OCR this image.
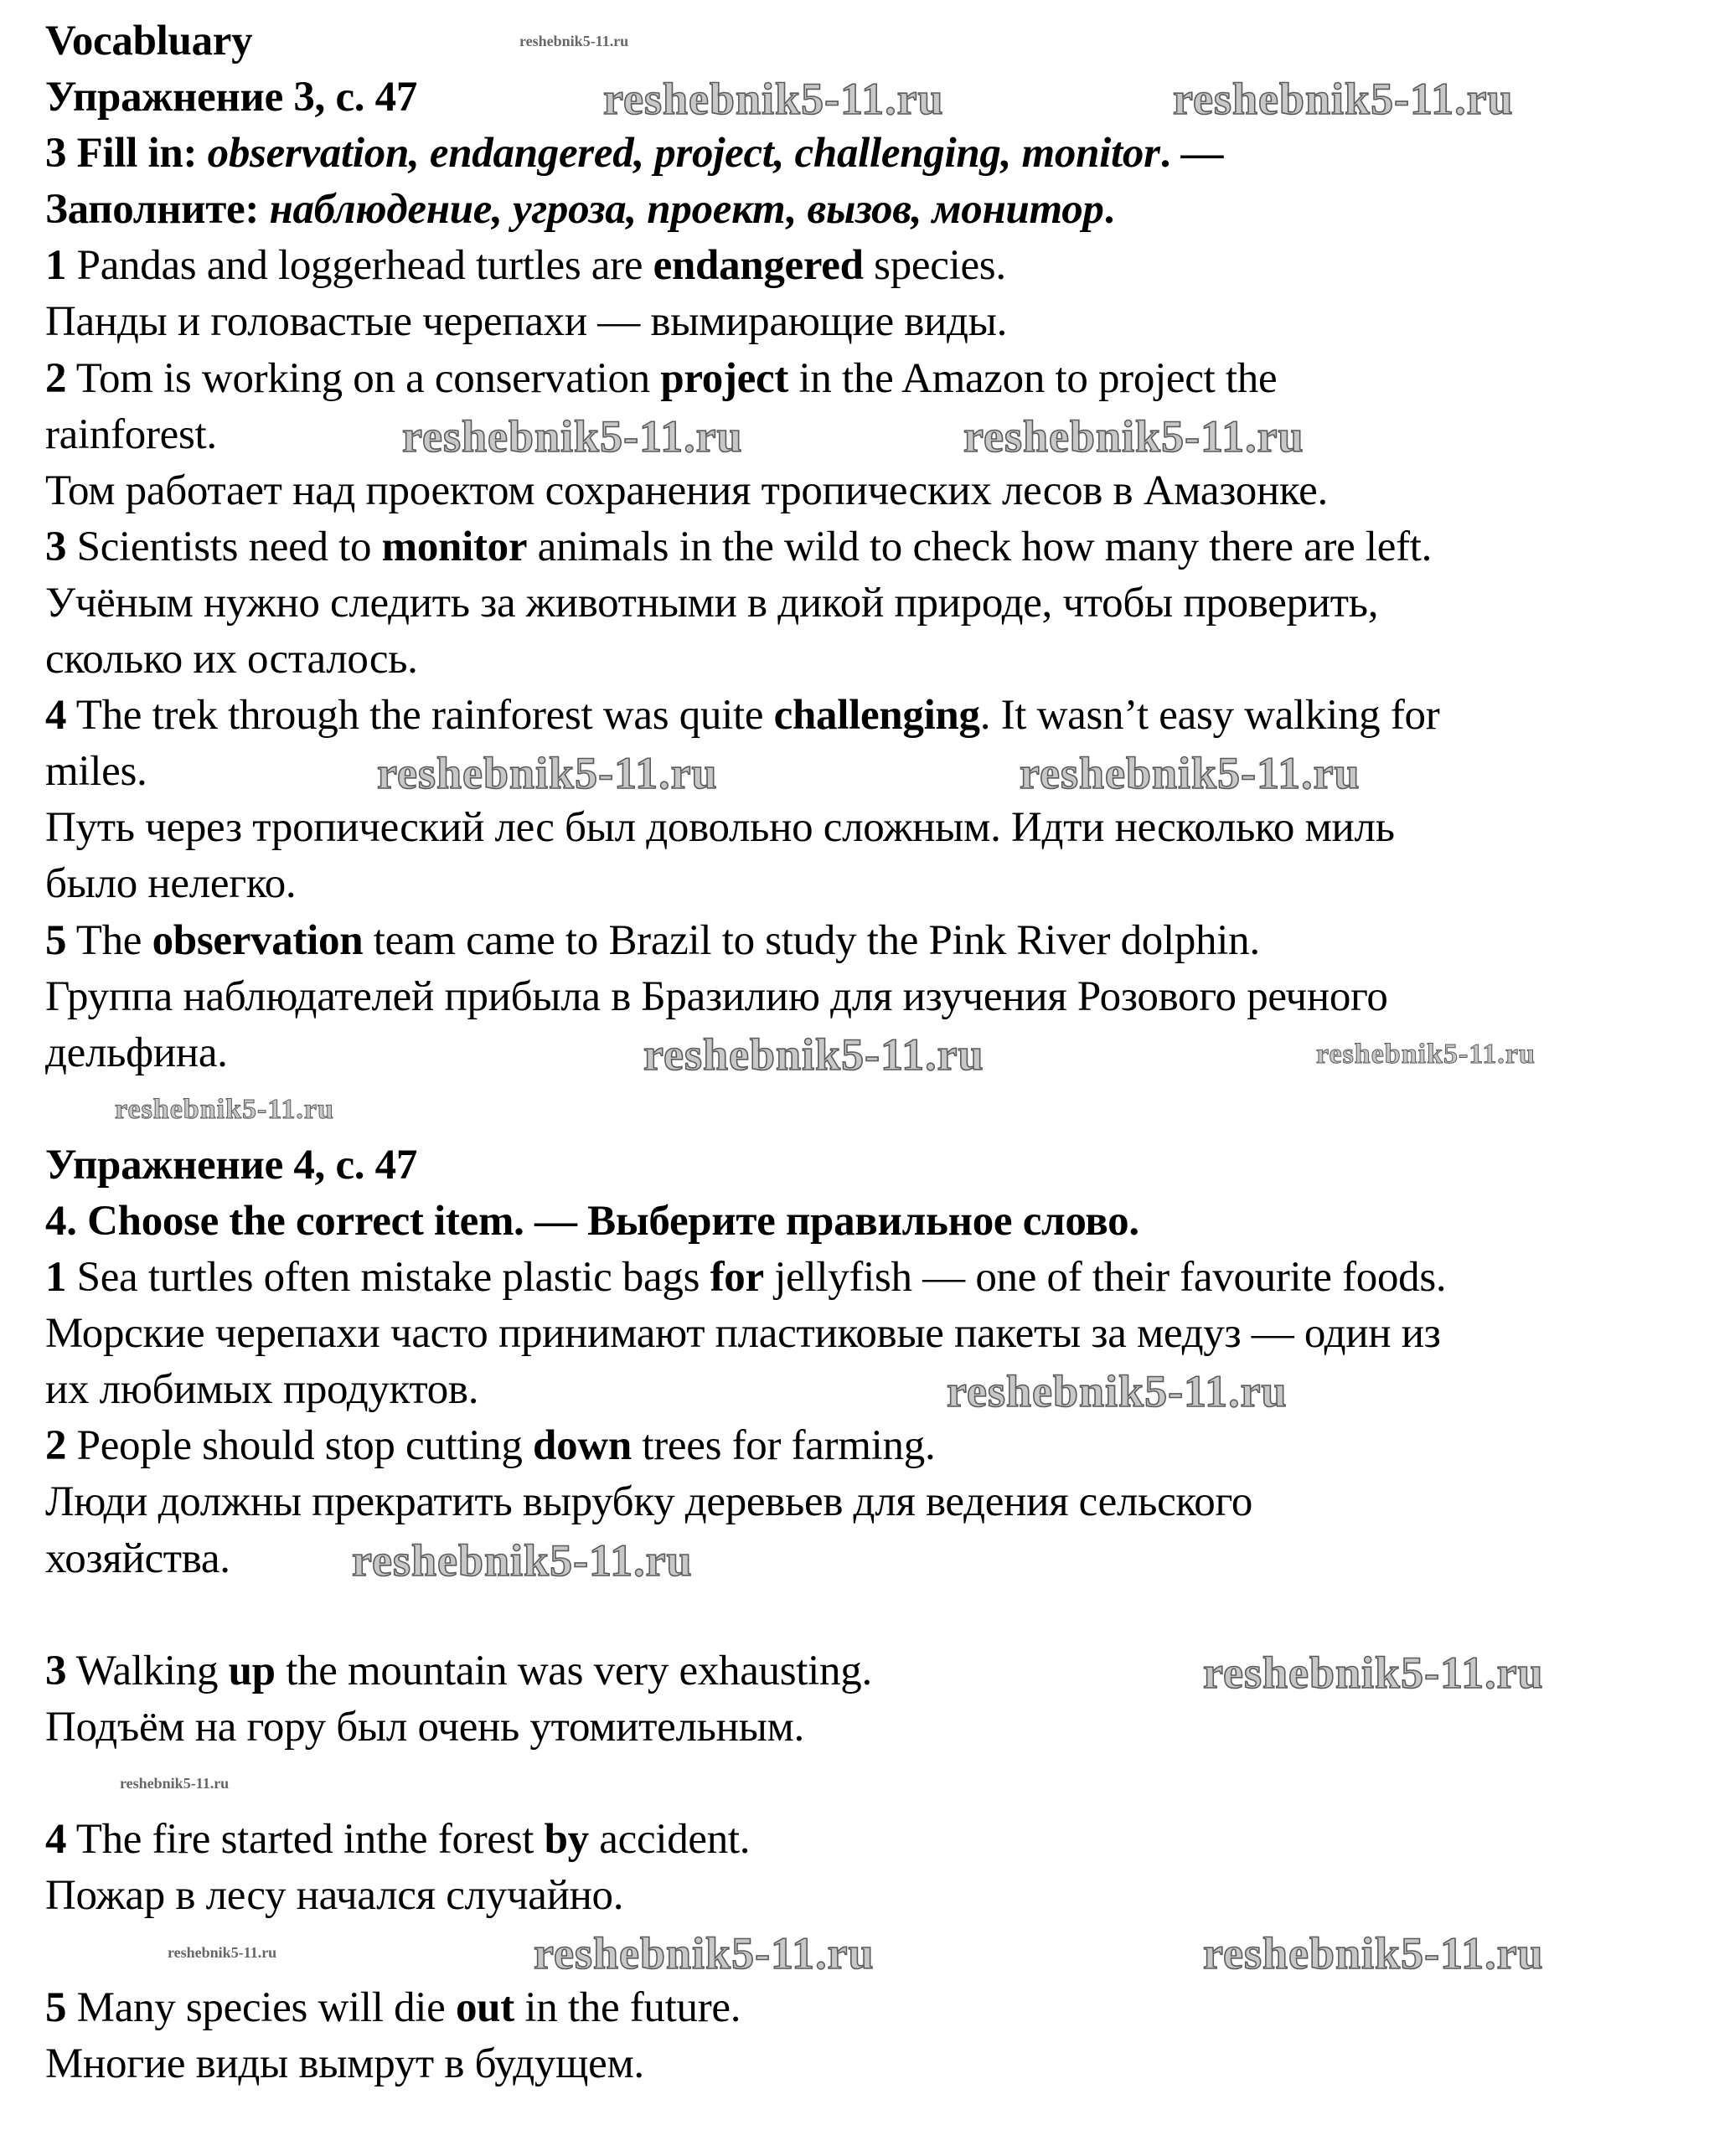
Vocabluary
Упражнение 3, с. 47
3 Fill in: observation, endangered, project, challenging, monitor. —
Заполните: наблюдение, угроза, проект, вызов, монитор.
1 Pandas and loggerhead turtles are endangered species.
Панды и головастые черепахи — вымирающие виды.
2 Tom is working on a conservation project in the Amazon to project the
rainforest.
Том работает над проектом сохранения тропических лесов в Амазонке.
3 Scientists need to monitor animals in the wild to check how many there are left.
Учёным нужно следить за животными в дикой природе, чтобы проверить,
сколько их осталось.
4 The trek through the rainforest was quite challenging. It wasn’t easy walking for
miles.
Путь через тропический лес был довольно сложным. Идти несколько миль
было нелегко.
5 The observation team came to Brazil to study the Pink River dolphin.
Группа наблюдателей прибыла в Бразилию для изучения Розового речного
дельфина.
Упражнение 4, с. 47
4. Choose the correct item. — Выберите правильное слово.
1 Sea turtles often mistake plastic bags for jellyfish — one of their favourite foods.
Морские черепахи часто принимают пластиковые пакеты за медуз — один из
их любимых продуктов.
2 People should stop cutting down trees for farming.
Люди должны прекратить вырубку деревьев для ведения сельского
хозяйства.
3 Walking up the mountain was very exhausting.
Подъём на гору был очень утомительным.
4 The fire started inthe forest by accident.
Пожар в лесу начался случайно.
5 Many species will die out in the future.
Многие виды вымрут в будущем.
reshebnik5-11.ru
reshebnik5-11.ru	reshebnik5-11.ru
reshebnik5-11.ru	reshebnik5-11.ru
reshebnik5-11.ru	reshebnik5-11.ru
reshebnik5-11.ru	reshebnik5-11.ru
reshebnik5-11.ru
reshebnik5-11.ru
reshebnik5-11.ru
reshebnik5-11.ru
reshebnik5-11.ru
reshebnik5-11.ru	reshebnik5-11.ru
reshebnik5-11.ru
